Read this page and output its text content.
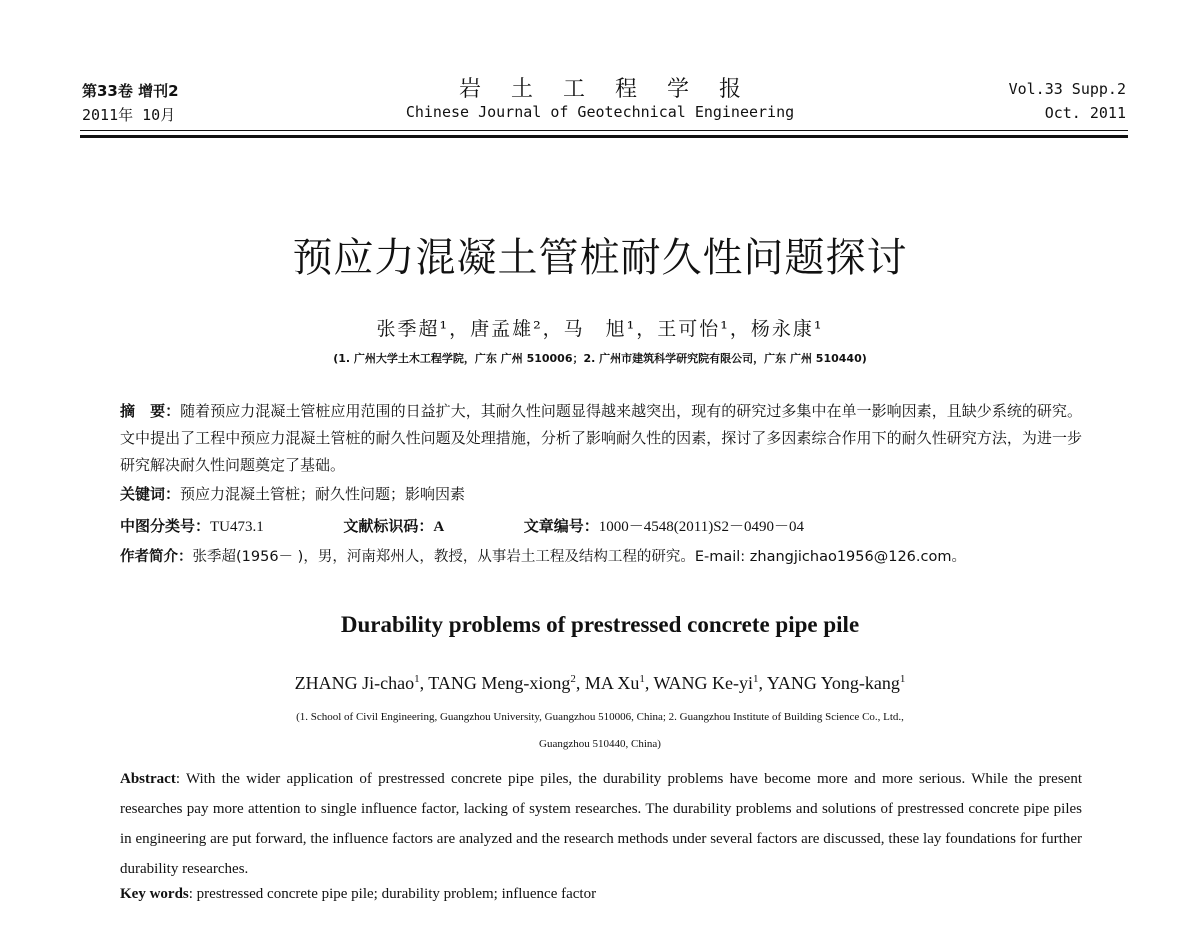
第33卷 增刊2
2011年 10月
岩土工程学报
Chinese Journal of Geotechnical Engineering
Vol.33 Supp.2
Oct. 2011
预应力混凝土管桩耐久性问题探讨
张季超¹，唐孟雄²，马　旭¹，王可怡¹，杨永康¹
(1. 广州大学土木工程学院，广东 广州 510006；2. 广州市建筑科学研究院有限公司，广东 广州 510440)
摘　要：随着预应力混凝土管桩应用范围的日益扩大，其耐久性问题显得越来越突出，现有的研究过多集中在单一影响因素，且缺少系统的研究。文中提出了工程中预应力混凝土管桩的耐久性问题及处理措施，分析了影响耐久性的因素，探讨了多因素综合作用下的耐久性研究方法，为进一步研究解决耐久性问题奠定了基础。
关键词：预应力混凝土管桩；耐久性问题；影响因素
中图分类号：TU473.1	文献标识码：A	文章编号：1000－4548(2011)S2－0490－04
作者简介：张季超(1956－ )，男，河南郑州人，教授，从事岩土工程及结构工程的研究。E-mail: zhangjichao1956@126.com。
Durability problems of prestressed concrete pipe pile
ZHANG Ji-chao$^1$, TANG Meng-xiong$^2$, MA Xu$^1$, WANG $Ke-yi^1$, YANG Yong-kang$^1$
(1. School of Civil Engineering, Guangzhou University, Guangzhou 510006, China; 2. Guangzhou Institute of Building Science Co., Ltd.,
Guangzhou 510440, China)
Abstract: With the wider application of prestressed concrete pipe piles, the durability problems have become more and more serious. While the present researches pay more attention to single influence factor, lacking of system researches. The durability problems and solutions of prestressed concrete pipe piles in engineering are put forward, the influence factors are analyzed and the research methods under several factors are discussed, these lay foundations for further durability researches.
Key words: prestressed concrete pipe pile; durability problem; influence factor
